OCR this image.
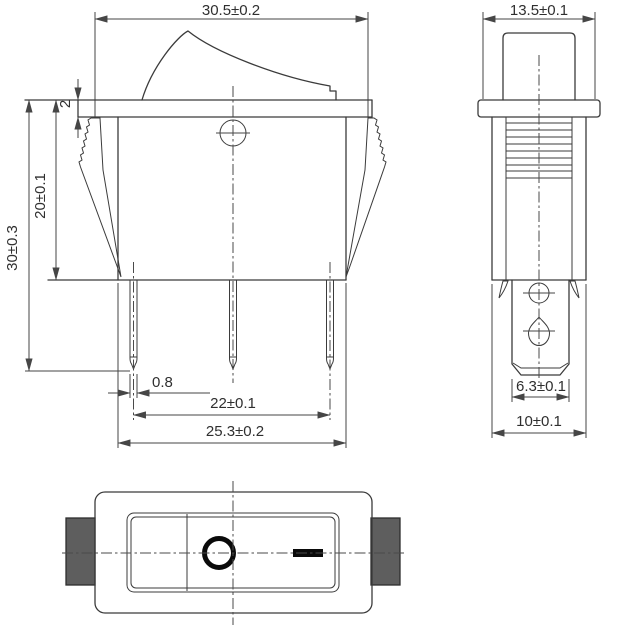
30.5±0.2
2
20±0.1
30±0.3
0.8
22±0.1
25.3±0.2
13.5±0.1
6.3±0.1
10±0.1
